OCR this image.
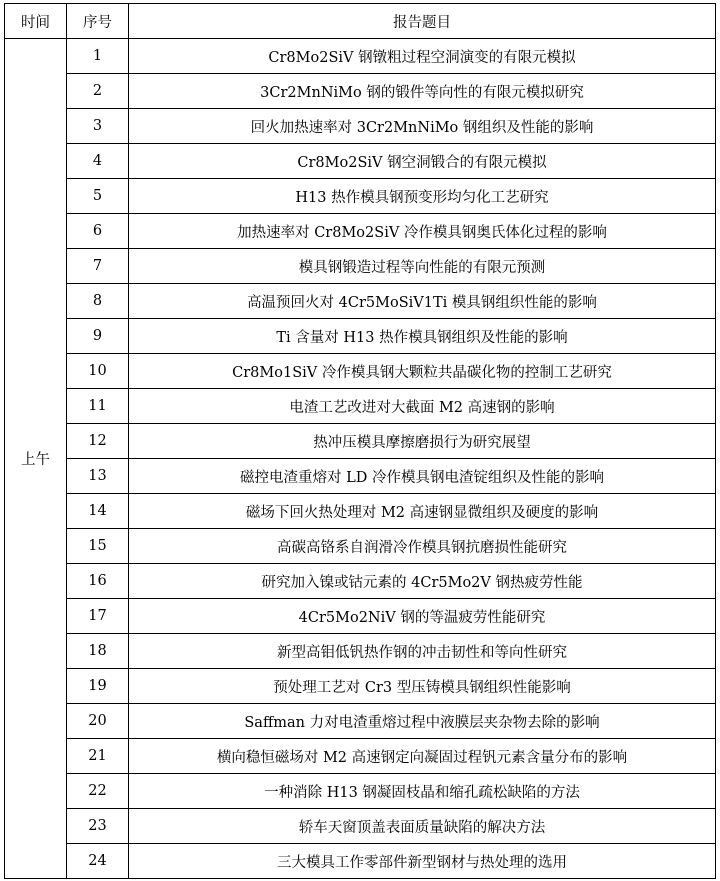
时间	序号	报告题目
上午	1	Cr8Mo2SiV 钢镦粗过程空洞演变的有限元模拟
	2	3Cr2MnNiMo 钢的锻件等向性的有限元模拟研究
	3	回火加热速率对 3Cr2MnNiMo 钢组织及性能的影响
	4	Cr8Mo2SiV 钢空洞锻合的有限元模拟
	5	H13 热作模具钢预变形均匀化工艺研究
	6	加热速率对 Cr8Mo2SiV 冷作模具钢奥氏体化过程的影响
	7	模具钢锻造过程等向性能的有限元预测
	8	高温预回火对 4Cr5MoSiV1Ti 模具钢组织性能的影响
	9	Ti 含量对 H13 热作模具钢组织及性能的影响
	10	Cr8Mo1SiV 冷作模具钢大颗粒共晶碳化物的控制工艺研究
	11	电渣工艺改进对大截面 M2 高速钢的影响
	12	热冲压模具摩擦磨损行为研究展望
	13	磁控电渣重熔对 LD 冷作模具钢电渣锭组织及性能的影响
	14	磁场下回火热处理对 M2 高速钢显微组织及硬度的影响
	15	高碳高铬系自润滑冷作模具钢抗磨损性能研究
	16	研究加入镍或钴元素的 4Cr5Mo2V 钢热疲劳性能
	17	4Cr5Mo2NiV 钢的等温疲劳性能研究
	18	新型高钼低钒热作钢的冲击韧性和等向性研究
	19	预处理工艺对 Cr3 型压铸模具钢组织性能影响
	20	Saffman 力对电渣重熔过程中液膜层夹杂物去除的影响
	21	横向稳恒磁场对 M2 高速钢定向凝固过程钒元素含量分布的影响
	22	一种消除 H13 钢凝固枝晶和缩孔疏松缺陷的方法
	23	轿车天窗顶盖表面质量缺陷的解决方法
	24	三大模具工作零部件新型钢材与热处理的选用
